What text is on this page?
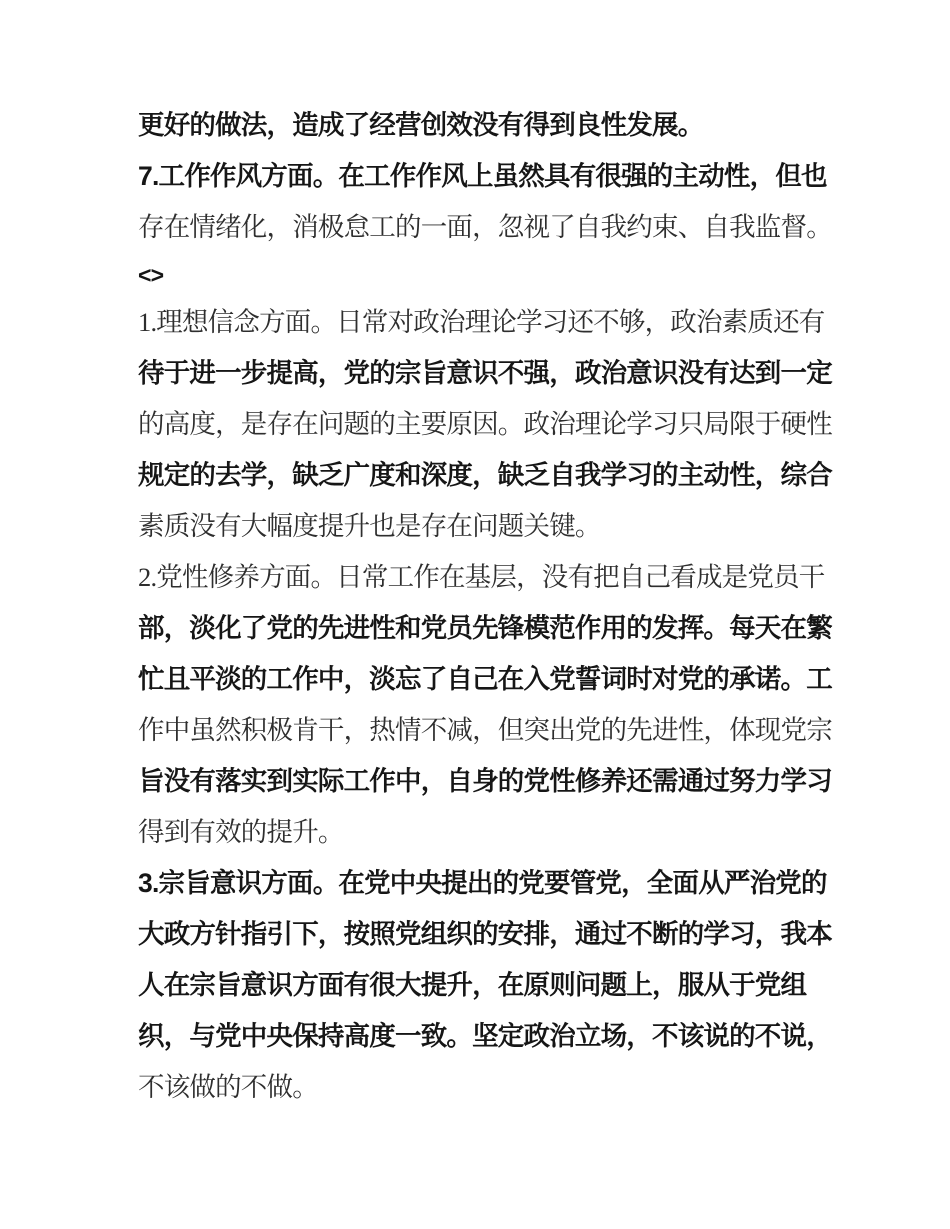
更好的做法，造成了经营创效没有得到良性发展。
7.工作作风方面。在工作作风上虽然具有很强的主动性，但也
存在情绪化，消极怠工的一面，忽视了自我约束、自我监督。
<>
1.理想信念方面。日常对政治理论学习还不够，政治素质还有
待于进一步提高，党的宗旨意识不强，政治意识没有达到一定
的高度，是存在问题的主要原因。政治理论学习只局限于硬性
规定的去学，缺乏广度和深度，缺乏自我学习的主动性，综合
素质没有大幅度提升也是存在问题关键。
2.党性修养方面。日常工作在基层，没有把自己看成是党员干
部，淡化了党的先进性和党员先锋模范作用的发挥。每天在繁
忙且平淡的工作中，淡忘了自己在入党誓词时对党的承诺。工
作中虽然积极肯干，热情不减，但突出党的先进性，体现党宗
旨没有落实到实际工作中，自身的党性修养还需通过努力学习
得到有效的提升。
3.宗旨意识方面。在党中央提出的党要管党，全面从严治党的
大政方针指引下，按照党组织的安排，通过不断的学习，我本
人在宗旨意识方面有很大提升，在原则问题上，服从于党组
织，与党中央保持高度一致。坚定政治立场，不该说的不说，
不该做的不做。
